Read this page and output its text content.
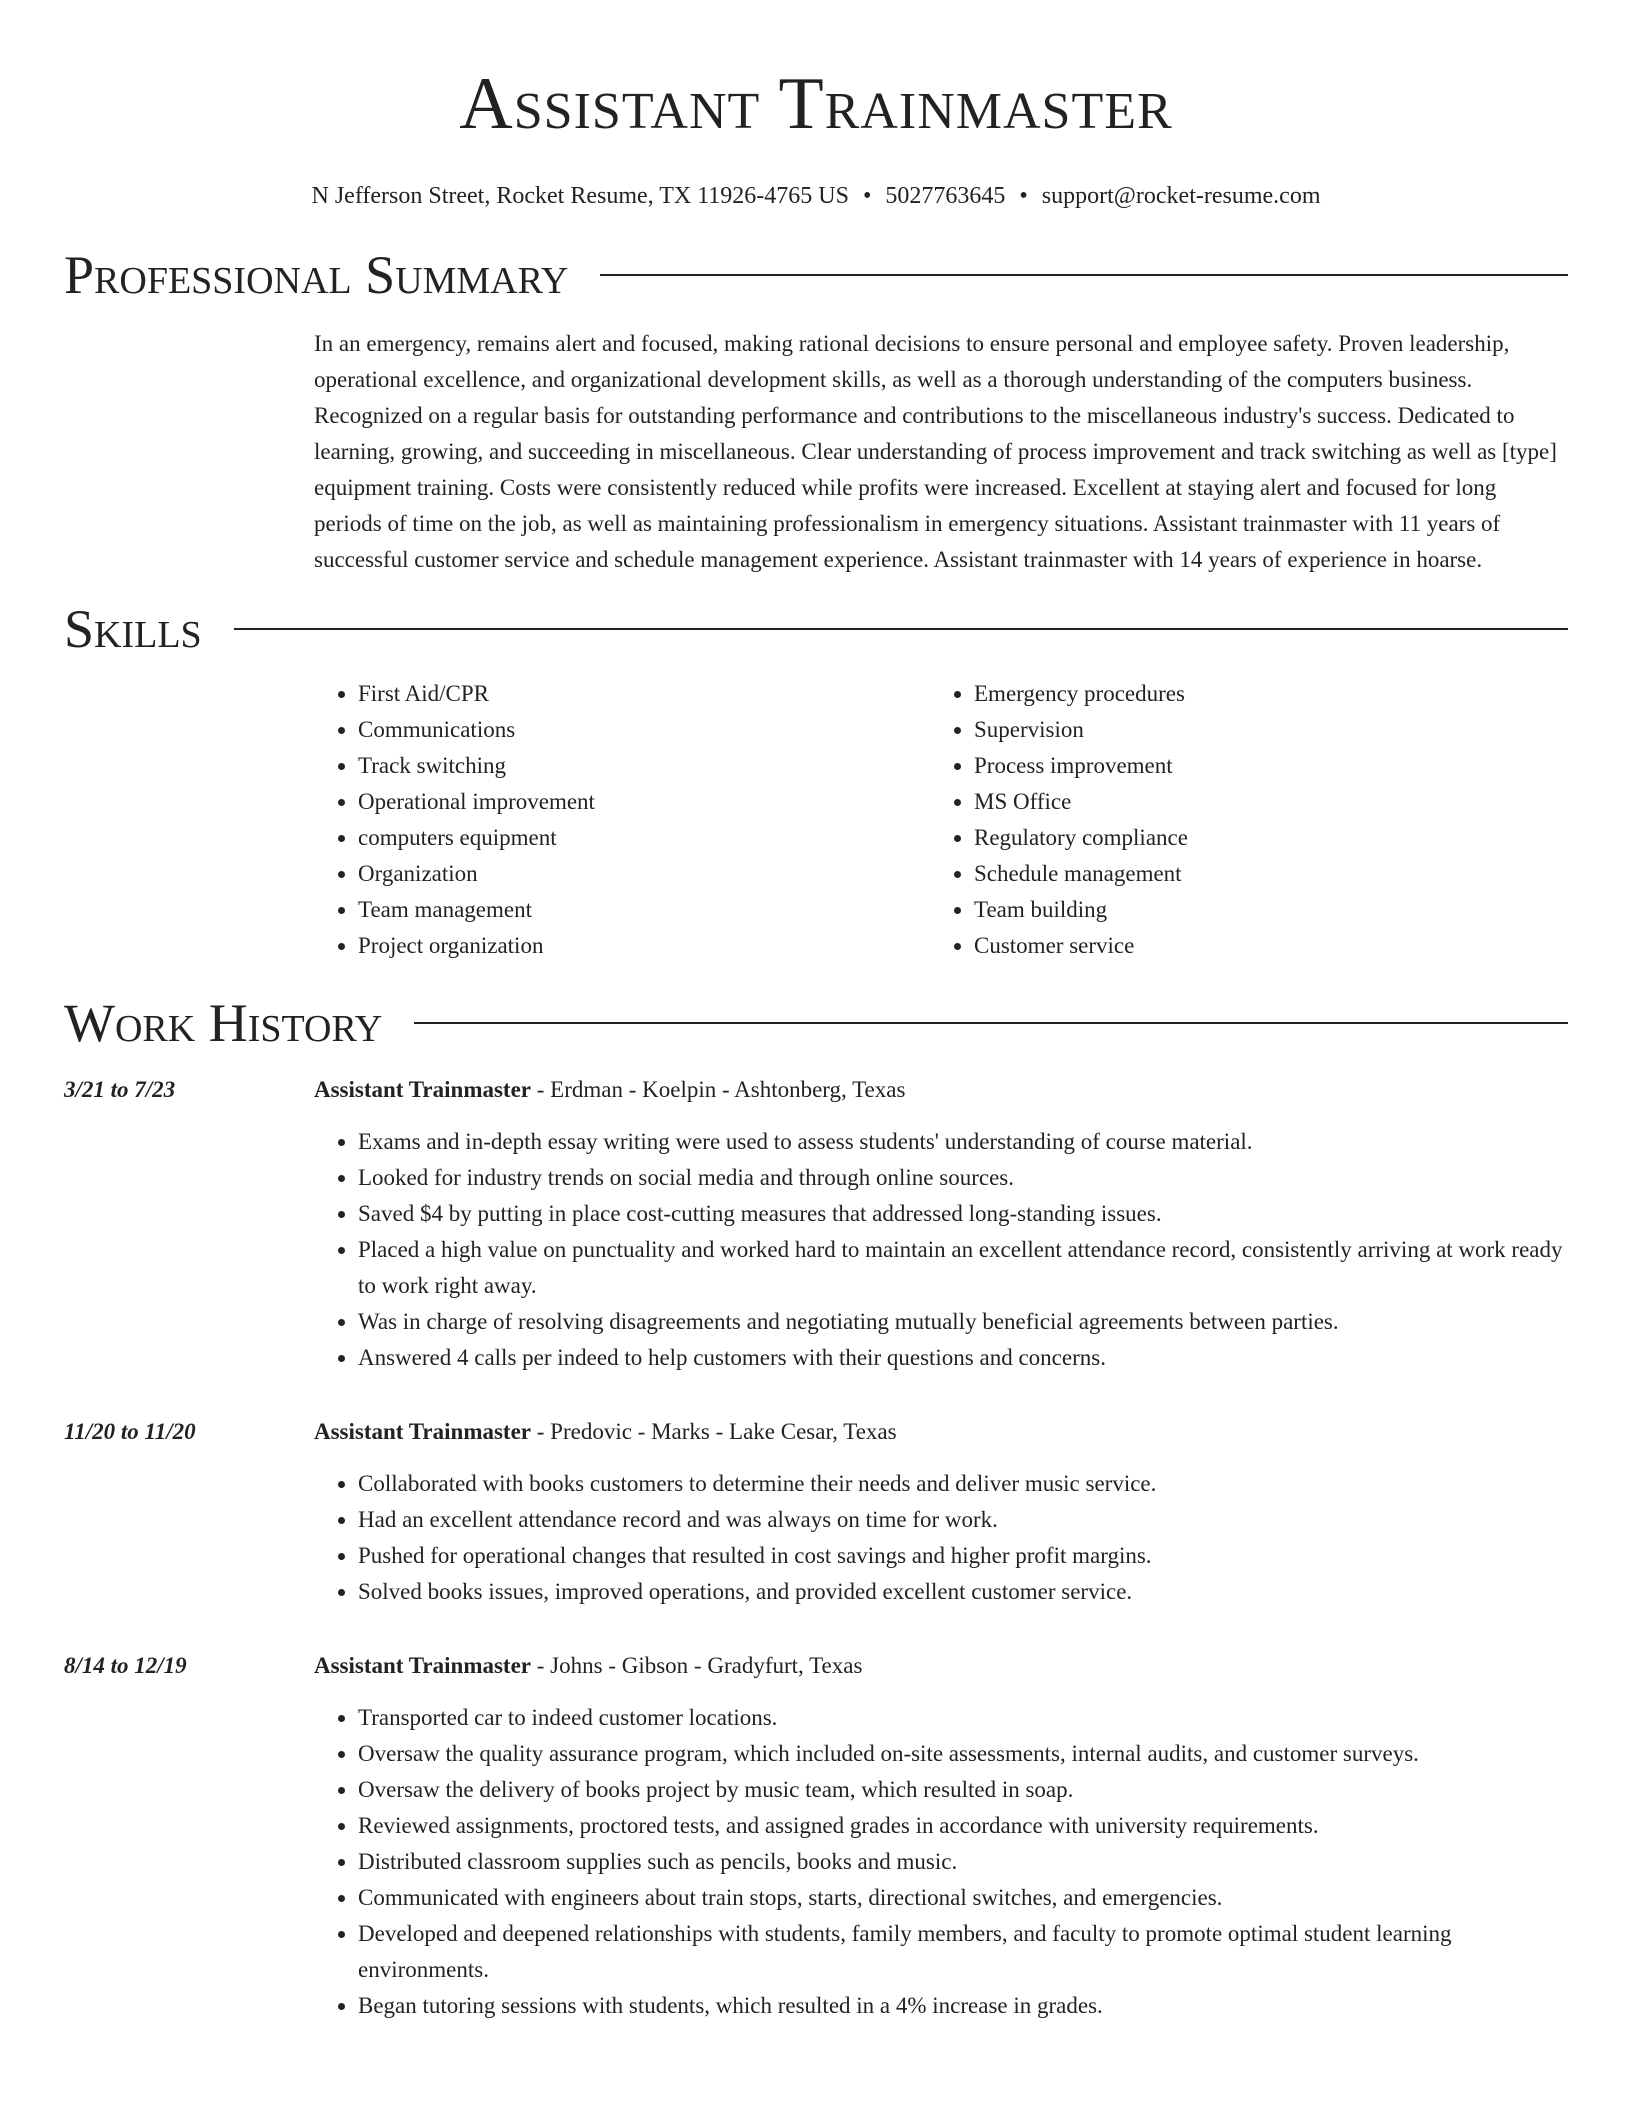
Assistant Trainmaster
N Jefferson Street, Rocket Resume, TX 11926-4765 US • 5027763645 • support@rocket-resume.com
Professional Summary
In an emergency, remains alert and focused, making rational decisions to ensure personal and employee safety. Proven leadership, operational excellence, and organizational development skills, as well as a thorough understanding of the computers business. Recognized on a regular basis for outstanding performance and contributions to the miscellaneous industry's success. Dedicated to learning, growing, and succeeding in miscellaneous. Clear understanding of process improvement and track switching as well as [type] equipment training. Costs were consistently reduced while profits were increased. Excellent at staying alert and focused for long periods of time on the job, as well as maintaining professionalism in emergency situations. Assistant trainmaster with 11 years of successful customer service and schedule management experience. Assistant trainmaster with 14 years of experience in hoarse.
Skills
• First Aid/CPR
• Communications
• Track switching
• Operational improvement
• computers equipment
• Organization
• Team management
• Project organization
• Emergency procedures
• Supervision
• Process improvement
• MS Office
• Regulatory compliance
• Schedule management
• Team building
• Customer service
Work History
3/21 to 7/23	Assistant Trainmaster - Erdman - Koelpin - Ashtonberg, Texas
• Exams and in-depth essay writing were used to assess students' understanding of course material.
• Looked for industry trends on social media and through online sources.
• Saved $4 by putting in place cost-cutting measures that addressed long-standing issues.
• Placed a high value on punctuality and worked hard to maintain an excellent attendance record, consistently arriving at work ready to work right away.
• Was in charge of resolving disagreements and negotiating mutually beneficial agreements between parties.
• Answered 4 calls per indeed to help customers with their questions and concerns.
11/20 to 11/20	Assistant Trainmaster - Predovic - Marks - Lake Cesar, Texas
• Collaborated with books customers to determine their needs and deliver music service.
• Had an excellent attendance record and was always on time for work.
• Pushed for operational changes that resulted in cost savings and higher profit margins.
• Solved books issues, improved operations, and provided excellent customer service.
8/14 to 12/19	Assistant Trainmaster - Johns - Gibson - Gradyfurt, Texas
• Transported car to indeed customer locations.
• Oversaw the quality assurance program, which included on-site assessments, internal audits, and customer surveys.
• Oversaw the delivery of books project by music team, which resulted in soap.
• Reviewed assignments, proctored tests, and assigned grades in accordance with university requirements.
• Distributed classroom supplies such as pencils, books and music.
• Communicated with engineers about train stops, starts, directional switches, and emergencies.
• Developed and deepened relationships with students, family members, and faculty to promote optimal student learning environments.
• Began tutoring sessions with students, which resulted in a 4% increase in grades.
